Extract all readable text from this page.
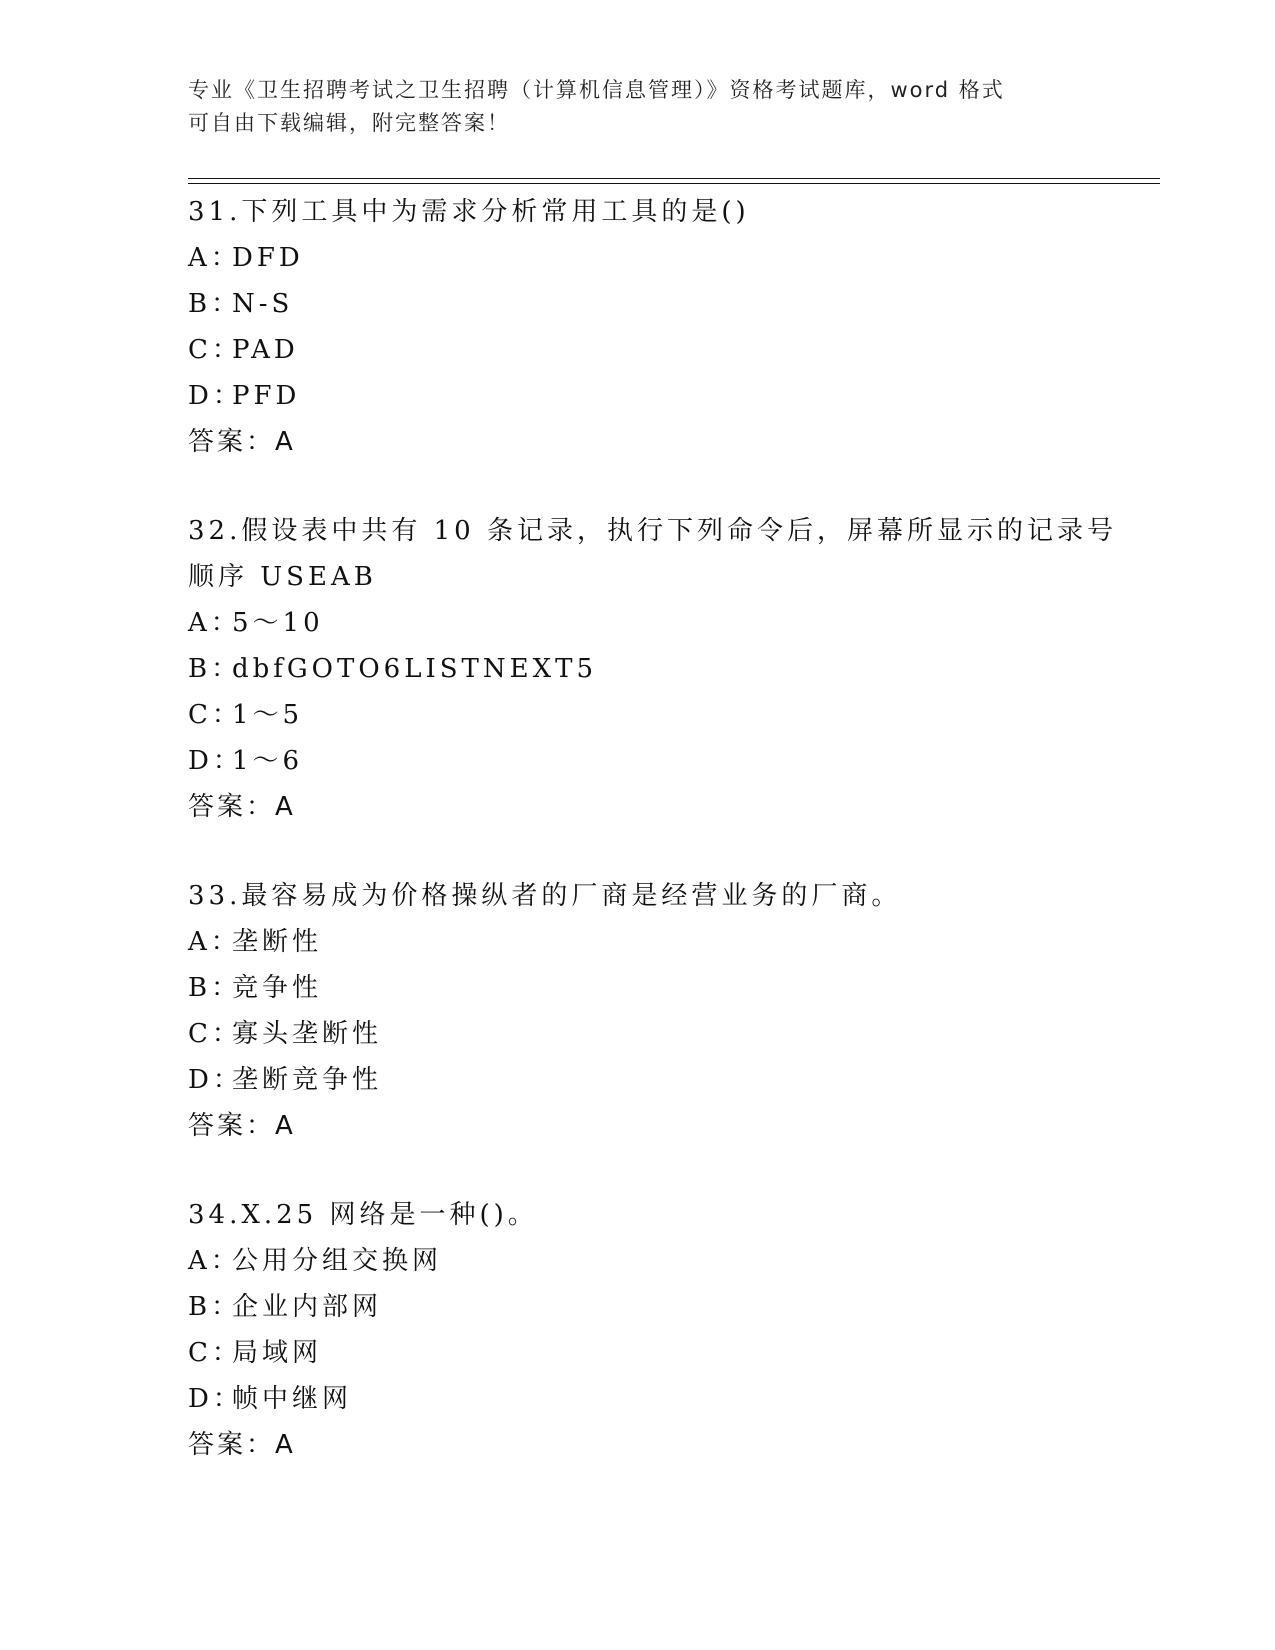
专业《卫生招聘考试之卫生招聘（计算机信息管理）》资格考试题库，word 格式
可自由下载编辑，附完整答案！
31.下列工具中为需求分析常用工具的是()
A：DFD
B：N-S
C：PAD
D：PFD
答案：A
32.假设表中共有 10 条记录，执行下列命令后，屏幕所显示的记录号
顺序 USEAB
A：5～10
B：dbfGOTO6LISTNEXT5
C：1～5
D：1～6
答案：A
33.最容易成为价格操纵者的厂商是经营业务的厂商。
A：垄断性
B：竞争性
C：寡头垄断性
D：垄断竞争性
答案：A
34.X.25 网络是一种()。
A：公用分组交换网
B：企业内部网
C：局域网
D：帧中继网
答案：A
